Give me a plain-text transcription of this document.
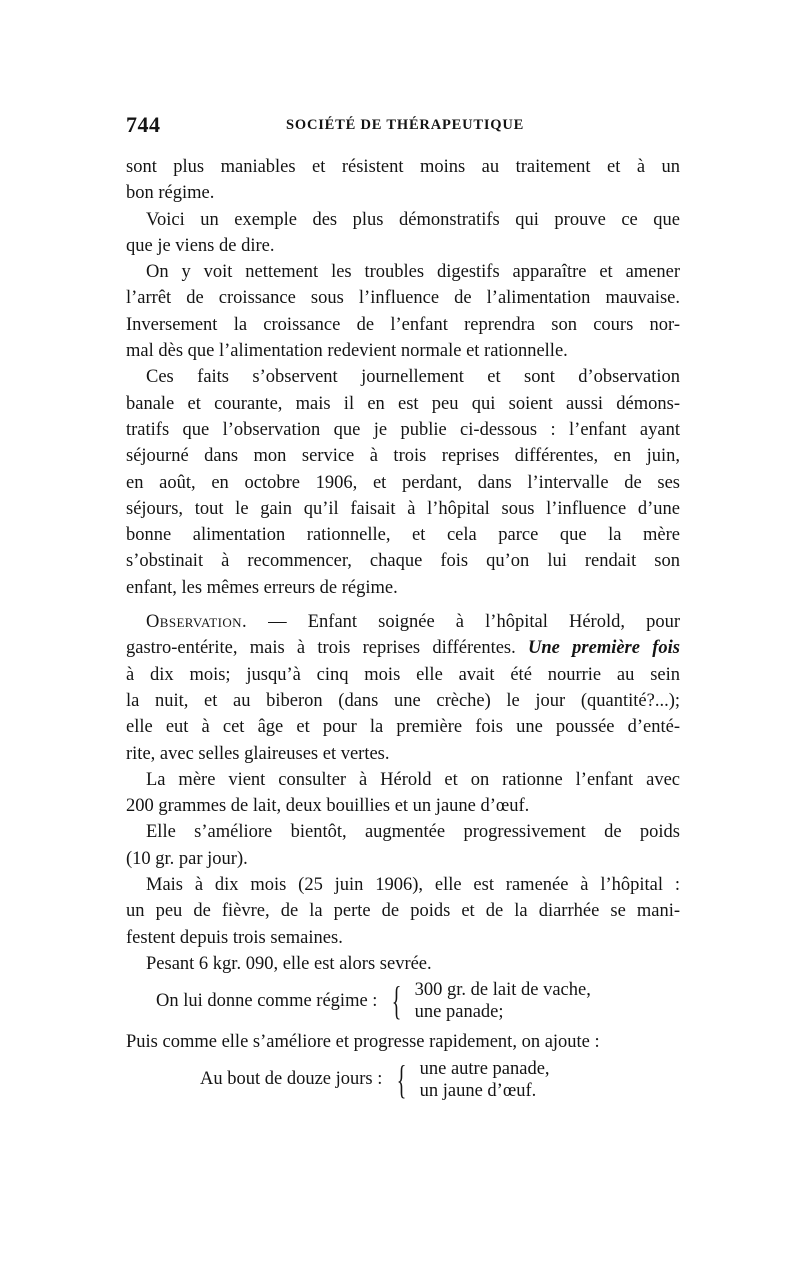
744	SOCIÉTÉ DE THÉRAPEUTIQUE
sont plus maniables et résistent moins au traitement et à un
bon régime.
Voici un exemple des plus démonstratifs qui prouve ce que
que je viens de dire.
On y voit nettement les troubles digestifs apparaître et amener
l’arrêt de croissance sous l’influence de l’alimentation mauvaise.
Inversement la croissance de l’enfant reprendra son cours nor-
mal dès que l’alimentation redevient normale et rationnelle.
Ces faits s’observent journellement et sont d’observation
banale et courante, mais il en est peu qui soient aussi démons-
tratifs que l’observation que je publie ci-dessous : l’enfant ayant
séjourné dans mon service à trois reprises différentes, en juin,
en août, en octobre 1906, et perdant, dans l’intervalle de ses
séjours, tout le gain qu’il faisait à l’hôpital sous l’influence d’une
bonne alimentation rationnelle, et cela parce que la mère
s’obstinait à recommencer, chaque fois qu’on lui rendait son
enfant, les mêmes erreurs de régime.
Observation. — Enfant soignée à l’hôpital Hérold, pour
gastro-entérite, mais à trois reprises différentes. Une première fois
à dix mois; jusqu’à cinq mois elle avait été nourrie au sein
la nuit, et au biberon (dans une crèche) le jour (quantité?...);
elle eut à cet âge et pour la première fois une poussée d’enté-
rite, avec selles glaireuses et vertes.
La mère vient consulter à Hérold et on rationne l’enfant avec
200 grammes de lait, deux bouillies et un jaune d’œuf.
Elle s’améliore bientôt, augmentée progressivement de poids
(10 gr. par jour).
Mais à dix mois (25 juin 1906), elle est ramenée à l’hôpital :
un peu de fièvre, de la perte de poids et de la diarrhée se mani-
festent depuis trois semaines.
Pesant 6 kgr. 090, elle est alors sevrée.
On lui donne comme régime : { 300 gr. de lait de vache,
une panade;
Puis comme elle s’améliore et progresse rapidement, on ajoute :
Au bout de douze jours : { une autre panade,
un jaune d’œuf.
